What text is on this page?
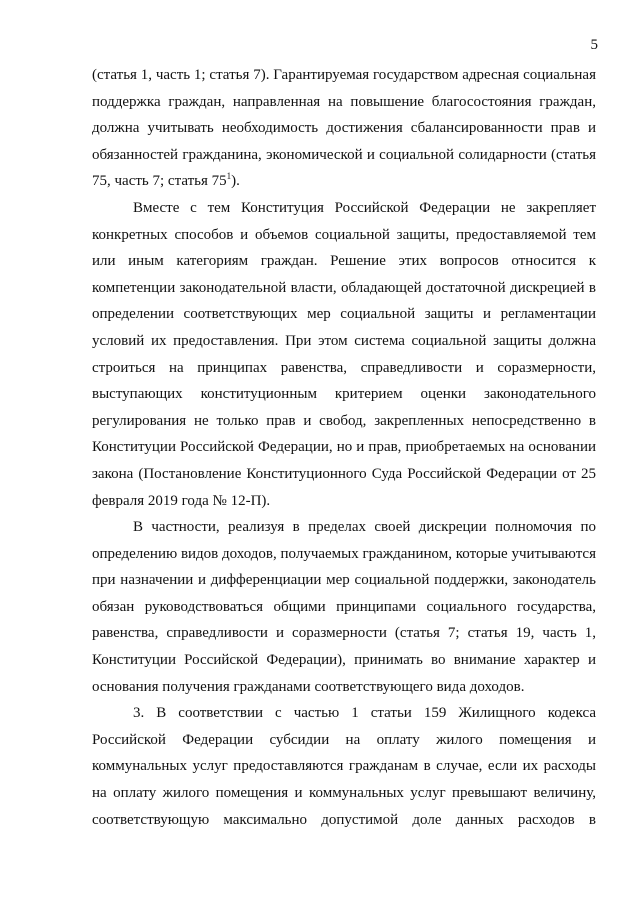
5

(статья 1, часть 1; статья 7). Гарантируемая государством адресная социальная поддержка граждан, направленная на повышение благосостояния граждан, должна учитывать необходимость достижения сбалансированности прав и обязанностей гражданина, экономической и социальной солидарности (статья 75, часть 7; статья $75^1$).

Вместе с тем Конституция Российской Федерации не закрепляет конкретных способов и объемов социальной защиты, предоставляемой тем или иным категориям граждан. Решение этих вопросов относится к компетенции законодательной власти, обладающей достаточной дискрецией в определении соответствующих мер социальной защиты и регламентации условий их предоставления. При этом система социальной защиты должна строиться на принципах равенства, справедливости и соразмерности, выступающих конституционным критерием оценки законодательного регулирования не только прав и свобод, закрепленных непосредственно в Конституции Российской Федерации, но и прав, приобретаемых на основании закона (Постановление Конституционного Суда Российской Федерации от 25 февраля 2019 года № 12-П).

В частности, реализуя в пределах своей дискреции полномочия по определению видов доходов, получаемых гражданином, которые учитываются при назначении и дифференциации мер социальной поддержки, законодатель обязан руководствоваться общими принципами социального государства, равенства, справедливости и соразмерности (статья 7; статья 19, часть 1, Конституции Российской Федерации), принимать во внимание характер и основания получения гражданами соответствующего вида доходов.

3. В соответствии с частью 1 статьи 159 Жилищного кодекса Российской Федерации субсидии на оплату жилого помещения и коммунальных услуг предоставляются гражданам в случае, если их расходы на оплату жилого помещения и коммунальных услуг превышают величину, соответствующую максимально допустимой доле данных расходов в
